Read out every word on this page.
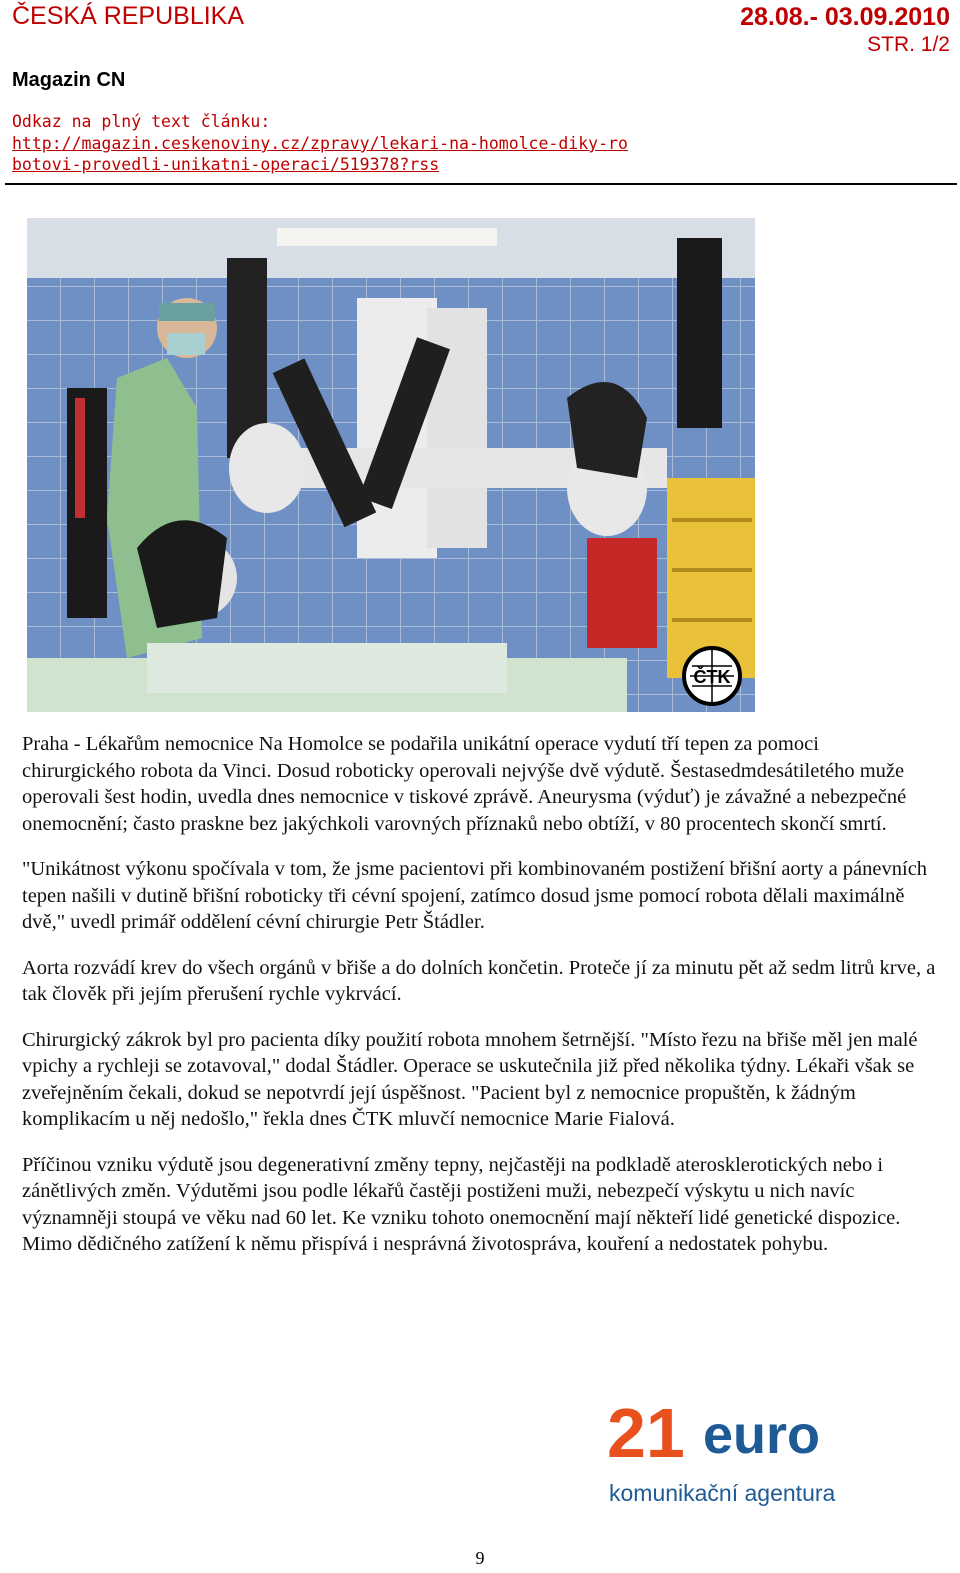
ČESKÁ REPUBLIKA	28.08.- 03.09.2010
STR. 1/2
Magazin CN
Odkaz na plný text článku:
http://magazin.ceskenoviny.cz/zpravy/lekari-na-homolce-diky-robotovi-provedli-unikatni-operaci/519378?rss
ČTK

Praha - Lékařům nemocnice Na Homolce se podařila unikátní operace vydutí tří tepen za pomoci chirurgického robota da Vinci. Dosud roboticky operovali nejvýše dvě výdutě. Šestasedmdesátiletého muže operovali šest hodin, uvedla dnes nemocnice v tiskové zprávě. Aneurysma (výduť) je závažné a nebezpečné onemocnění; často praskne bez jakýchkoli varovných příznaků nebo obtíží, v 80 procentech skončí smrtí.

"Unikátnost výkonu spočívala v tom, že jsme pacientovi při kombinovaném postižení břišní aorty a pánevních tepen našili v dutině břišní roboticky tři cévní spojení, zatímco dosud jsme pomocí robota dělali maximálně dvě," uvedl primář oddělení cévní chirurgie Petr Štádler.

Aorta rozvádí krev do všech orgánů v břiše a do dolních končetin. Proteče jí za minutu pět až sedm litrů krve, a tak člověk při jejím přerušení rychle vykrvácí.

Chirurgický zákrok byl pro pacienta díky použití robota mnohem šetrnější. "Místo řezu na břiše měl jen malé vpichy a rychleji se zotavoval," dodal Štádler. Operace se uskutečnila již před několika týdny. Lékaři však se zveřejněním čekali, dokud se nepotvrdí její úspěšnost. "Pacient byl z nemocnice propuštěn, k žádným komplikacím u něj nedošlo," řekla dnes ČTK mluvčí nemocnice Marie Fialová.

Příčinou vzniku výdutě jsou degenerativní změny tepny, nejčastěji na podkladě aterosklerotických nebo i zánětlivých změn. Výdutěmi jsou podle lékařů častěji postiženi muži, nebezpečí výskytu u nich navíc významněji stoupá ve věku nad 60 let. Ke vzniku tohoto onemocnění mají někteří lidé genetické dispozice. Mimo dědičného zatížení k němu přispívá i nesprávná životospráva, kouření a nedostatek pohybu.

21 euro
komunikační agentura
9
